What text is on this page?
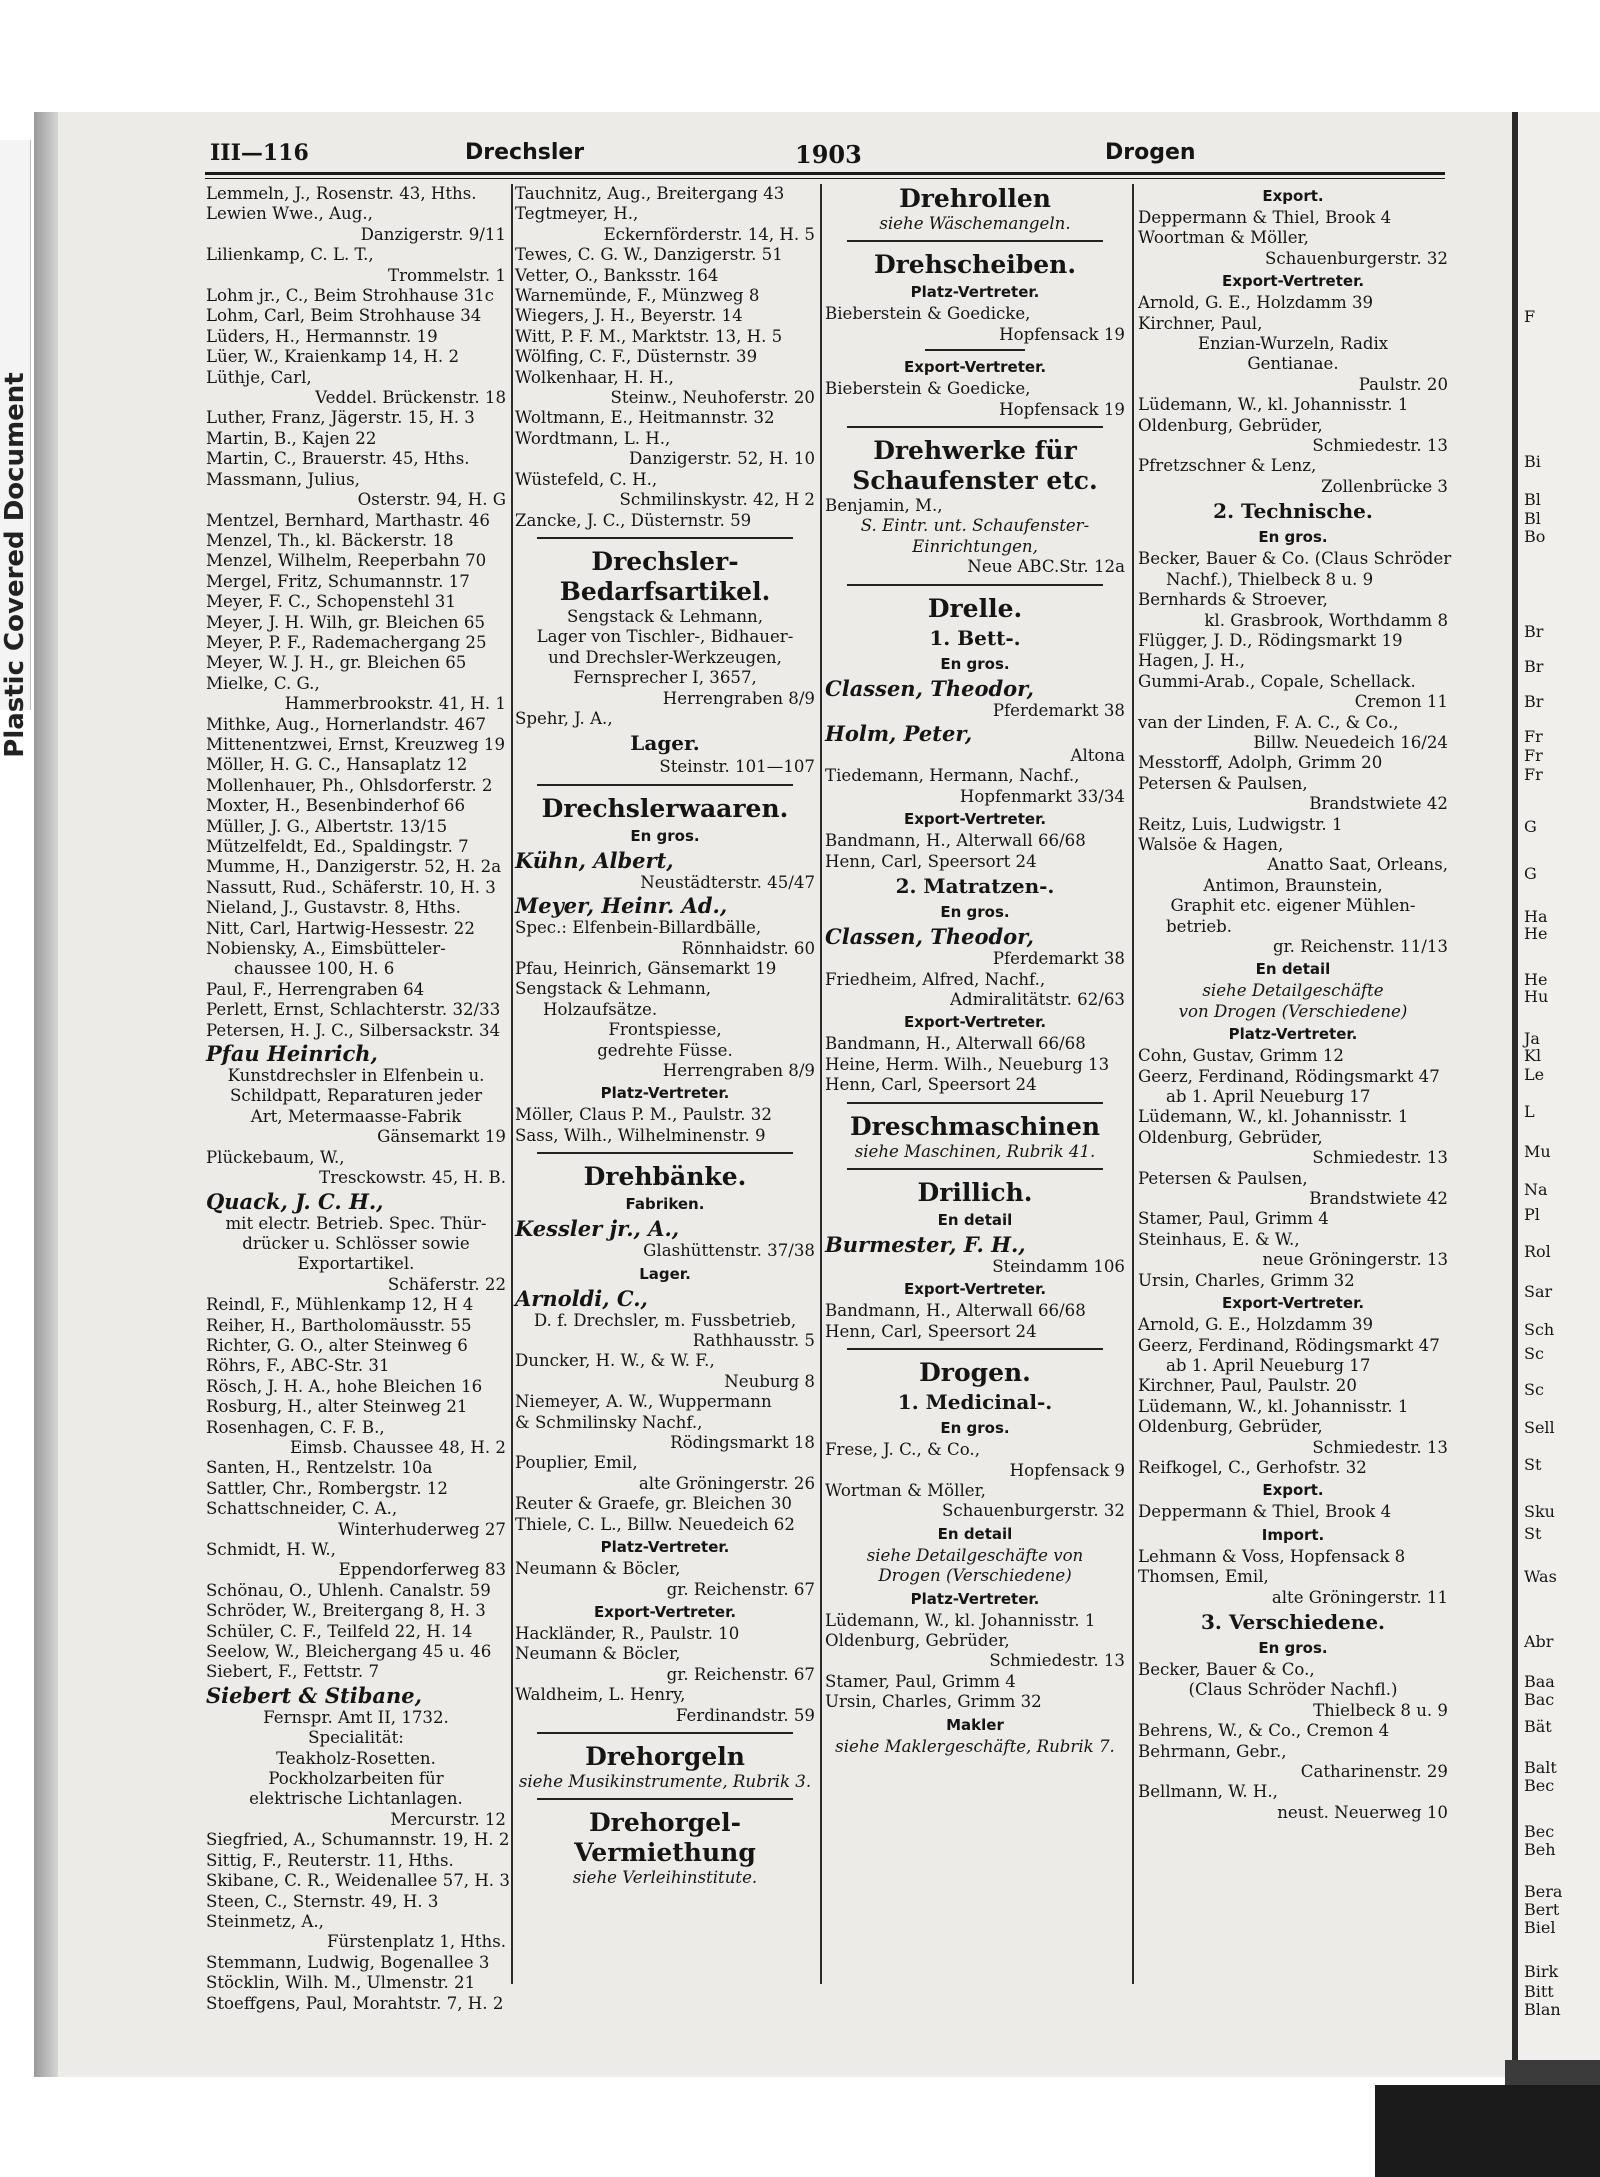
Plastic Covered Document
F
Bi
Bl
Bl
Bo
Br
Br
Br
Fr
Fr
Fr
G
G
Ha
He
He
Hu
Ja
Kl
Le
L
Mu
Na
Pl
Rol
Sar
Sch
Sc
Sc
Sell
St
Sku
St
Was
Abr
Baa
Bac
Bät
Balt
Bec
Bec
Beh
Bera
Bert
Biel
Birk
Bitt
Blan
III—116	Drechsler	1903	Drogen
Lemmeln, J., Rosenstr. 43, Hths.
Lewien Wwe., Aug.,
Danzigerstr. 9/11
Lilienkamp, C. L. T.,
Trommelstr. 1
Lohm jr., C., Beim Strohhause 31c
Lohm, Carl, Beim Strohhause 34
Lüders, H., Hermannstr. 19
Lüer, W., Kraienkamp 14, H. 2
Lüthje, Carl,
Veddel. Brückenstr. 18
Luther, Franz, Jägerstr. 15, H. 3
Martin, B., Kajen 22
Martin, C., Brauerstr. 45, Hths.
Massmann, Julius,
Osterstr. 94, H. G
Mentzel, Bernhard, Marthastr. 46
Menzel, Th., kl. Bäckerstr. 18
Menzel, Wilhelm, Reeperbahn 70
Mergel, Fritz, Schumannstr. 17
Meyer, F. C., Schopenstehl 31
Meyer, J. H. Wilh, gr. Bleichen 65
Meyer, P. F., Rademachergang 25
Meyer, W. J. H., gr. Bleichen 65
Mielke, C. G.,
Hammerbrookstr. 41, H. 1
Mithke, Aug., Hornerlandstr. 467
Mittenentzwei, Ernst, Kreuzweg 19
Möller, H. G. C., Hansaplatz 12
Mollenhauer, Ph., Ohlsdorferstr. 2
Moxter, H., Besenbinderhof 66
Müller, J. G., Albertstr. 13/15
Mützelfeldt, Ed., Spaldingstr. 7
Mumme, H., Danzigerstr. 52, H. 2a
Nassutt, Rud., Schäferstr. 10, H. 3
Nieland, J., Gustavstr. 8, Hths.
Nitt, Carl, Hartwig-Hessestr. 22
Nobiensky, A., Eimsbütteler-
chaussee 100, H. 6
Paul, F., Herrengraben 64
Perlett, Ernst, Schlachterstr. 32/33
Petersen, H. J. C., Silbersackstr. 34
Pfau Heinrich,
Kunstdrechsler in Elfenbein u.
Schildpatt, Reparaturen jeder
Art, Metermaasse-Fabrik
Gänsemarkt 19
Plückebaum, W.,
Tresckowstr. 45, H. B.
Quack, J. C. H.,
mit electr. Betrieb. Spec. Thür-
drücker u. Schlösser sowie
Exportartikel.
Schäferstr. 22
Reindl, F., Mühlenkamp 12, H 4
Reiher, H., Bartholomäusstr. 55
Richter, G. O., alter Steinweg 6
Röhrs, F., ABC-Str. 31
Rösch, J. H. A., hohe Bleichen 16
Rosburg, H., alter Steinweg 21
Rosenhagen, C. F. B.,
Eimsb. Chaussee 48, H. 2
Santen, H., Rentzelstr. 10a
Sattler, Chr., Rombergstr. 12
Schattschneider, C. A.,
Winterhuderweg 27
Schmidt, H. W.,
Eppendorferweg 83
Schönau, O., Uhlenh. Canalstr. 59
Schröder, W., Breitergang 8, H. 3
Schüler, C. F., Teilfeld 22, H. 14
Seelow, W., Bleichergang 45 u. 46
Siebert, F., Fettstr. 7
Siebert & Stibane,
Fernspr. Amt II, 1732.
Specialität:
Teakholz-Rosetten.
Pockholzarbeiten für
elektrische Lichtanlagen.
Mercurstr. 12
Siegfried, A., Schumannstr. 19, H. 2
Sittig, F., Reuterstr. 11, Hths.
Skibane, C. R., Weidenallee 57, H. 3
Steen, C., Sternstr. 49, H. 3
Steinmetz, A.,
Fürstenplatz 1, Hths.
Stemmann, Ludwig, Bogenallee 3
Stöcklin, Wilh. M., Ulmenstr. 21
Stoeffgens, Paul, Morahtstr. 7, H. 2
Tauchnitz, Aug., Breitergang 43
Tegtmeyer, H.,
Eckernförderstr. 14, H. 5
Tewes, C. G. W., Danzigerstr. 51
Vetter, O., Banksstr. 164
Warnemünde, F., Münzweg 8
Wiegers, J. H., Beyerstr. 14
Witt, P. F. M., Marktstr. 13, H. 5
Wölfing, C. F., Düsternstr. 39
Wolkenhaar, H. H.,
Steinw., Neuhoferstr. 20
Woltmann, E., Heitmannstr. 32
Wordtmann, L. H.,
Danzigerstr. 52, H. 10
Wüstefeld, C. H.,
Schmilinskystr. 42, H 2
Zancke, J. C., Düsternstr. 59
Drechsler-
Bedarfsartikel.
Sengstack & Lehmann,
Lager von Tischler-, Bidhauer-
und Drechsler-Werkzeugen,
Fernsprecher I, 3657,
Herrengraben 8/9
Spehr, J. A.,
Lager.
Steinstr. 101—107
Drechslerwaaren.
En gros.
Kühn, Albert,
Neustädterstr. 45/47
Meyer, Heinr. Ad.,
Spec.: Elfenbein-Billardbälle,
Rönnhaidstr. 60
Pfau, Heinrich, Gänsemarkt 19
Sengstack & Lehmann,
Holzaufsätze.
Frontspiesse,
gedrehte Füsse.
Herrengraben 8/9
Platz-Vertreter.
Möller, Claus P. M., Paulstr. 32
Sass, Wilh., Wilhelminenstr. 9
Drehbänke.
Fabriken.
Kessler jr., A.,
Glashüttenstr. 37/38
Lager.
Arnoldi, C.,
D. f. Drechsler, m. Fussbetrieb,
Rathhausstr. 5
Duncker, H. W., & W. F.,
Neuburg 8
Niemeyer, A. W., Wuppermann
& Schmilinsky Nachf.,
Rödingsmarkt 18
Pouplier, Emil,
alte Gröningerstr. 26
Reuter & Graefe, gr. Bleichen 30
Thiele, C. L., Billw. Neuedeich 62
Platz-Vertreter.
Neumann & Böcler,
gr. Reichenstr. 67
Export-Vertreter.
Hackländer, R., Paulstr. 10
Neumann & Böcler,
gr. Reichenstr. 67
Waldheim, L. Henry,
Ferdinandstr. 59
Drehorgeln
siehe Musikinstrumente, Rubrik 3.
Drehorgel-
Vermiethung
siehe Verleihinstitute.
Drehrollen
siehe Wäschemangeln.
Drehscheiben.
Platz-Vertreter.
Bieberstein & Goedicke,
Hopfensack 19
Export-Vertreter.
Bieberstein & Goedicke,
Hopfensack 19
Drehwerke für
Schaufenster etc.
Benjamin, M.,
S. Eintr. unt. Schaufenster-
Einrichtungen,
Neue ABC.Str. 12a
Drelle.
1. Bett-.
En gros.
Classen, Theodor,
Pferdemarkt 38
Holm, Peter,
Altona
Tiedemann, Hermann, Nachf.,
Hopfenmarkt 33/34
Export-Vertreter.
Bandmann, H., Alterwall 66/68
Henn, Carl, Speersort 24
2. Matratzen-.
En gros.
Classen, Theodor,
Pferdemarkt 38
Friedheim, Alfred, Nachf.,
Admiralitätstr. 62/63
Export-Vertreter.
Bandmann, H., Alterwall 66/68
Heine, Herm. Wilh., Neueburg 13
Henn, Carl, Speersort 24
Dreschmaschinen
siehe Maschinen, Rubrik 41.
Drillich.
En detail
Burmester, F. H.,
Steindamm 106
Export-Vertreter.
Bandmann, H., Alterwall 66/68
Henn, Carl, Speersort 24
Drogen.
1. Medicinal-.
En gros.
Frese, J. C., & Co.,
Hopfensack 9
Wortman & Möller,
Schauenburgerstr. 32
En detail
siehe Detailgeschäfte von
Drogen (Verschiedene)
Platz-Vertreter.
Lüdemann, W., kl. Johannisstr. 1
Oldenburg, Gebrüder,
Schmiedestr. 13
Stamer, Paul, Grimm 4
Ursin, Charles, Grimm 32
Makler
siehe Maklergeschäfte, Rubrik 7.
Export.
Deppermann & Thiel, Brook 4
Woortman & Möller,
Schauenburgerstr. 32
Export-Vertreter.
Arnold, G. E., Holzdamm 39
Kirchner, Paul,
Enzian-Wurzeln, Radix
Gentianae.
Paulstr. 20
Lüdemann, W., kl. Johannisstr. 1
Oldenburg, Gebrüder,
Schmiedestr. 13
Pfretzschner & Lenz,
Zollenbrücke 3
2. Technische.
En gros.
Becker, Bauer & Co. (Claus Schröder
Nachf.), Thielbeck 8 u. 9
Bernhards & Stroever,
kl. Grasbrook, Worthdamm 8
Flügger, J. D., Rödingsmarkt 19
Hagen, J. H.,
Gummi-Arab., Copale, Schellack.
Cremon 11
van der Linden, F. A. C., & Co.,
Billw. Neuedeich 16/24
Messtorff, Adolph, Grimm 20
Petersen & Paulsen,
Brandstwiete 42
Reitz, Luis, Ludwigstr. 1
Walsöe & Hagen,
Anatto Saat, Orleans,
Antimon, Braunstein,
Graphit etc. eigener Mühlen-
betrieb.
gr. Reichenstr. 11/13
En detail
siehe Detailgeschäfte
von Drogen (Verschiedene)
Platz-Vertreter.
Cohn, Gustav, Grimm 12
Geerz, Ferdinand, Rödingsmarkt 47
ab 1. April Neueburg 17
Lüdemann, W., kl. Johannisstr. 1
Oldenburg, Gebrüder,
Schmiedestr. 13
Petersen & Paulsen,
Brandstwiete 42
Stamer, Paul, Grimm 4
Steinhaus, E. & W.,
neue Gröningerstr. 13
Ursin, Charles, Grimm 32
Export-Vertreter.
Arnold, G. E., Holzdamm 39
Geerz, Ferdinand, Rödingsmarkt 47
ab 1. April Neueburg 17
Kirchner, Paul, Paulstr. 20
Lüdemann, W., kl. Johannisstr. 1
Oldenburg, Gebrüder,
Schmiedestr. 13
Reifkogel, C., Gerhofstr. 32
Export.
Deppermann & Thiel, Brook 4
Import.
Lehmann & Voss, Hopfensack 8
Thomsen, Emil,
alte Gröningerstr. 11
3. Verschiedene.
En gros.
Becker, Bauer & Co.,
(Claus Schröder Nachfl.)
Thielbeck 8 u. 9
Behrens, W., & Co., Cremon 4
Behrmann, Gebr.,
Catharinenstr. 29
Bellmann, W. H.,
neust. Neuerweg 10
